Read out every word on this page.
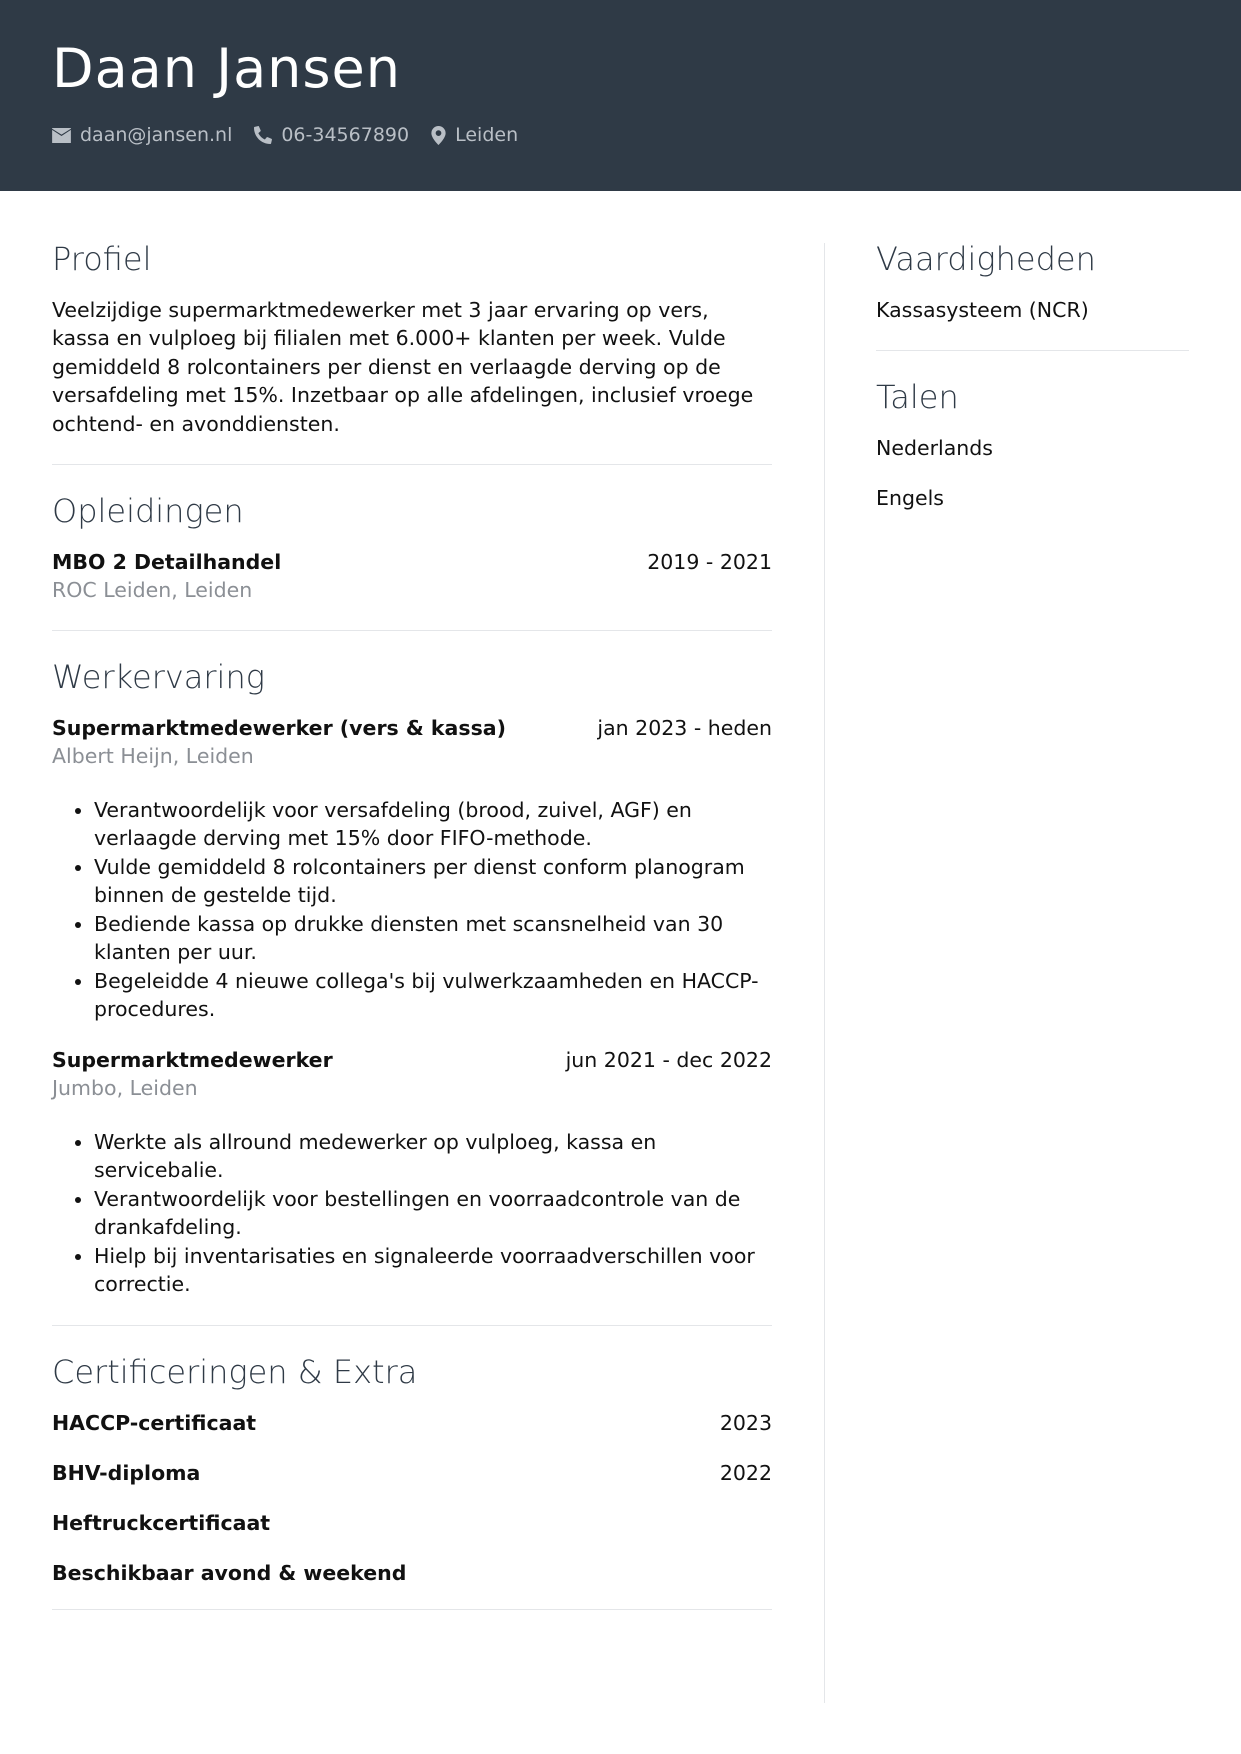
Daan Jansen
daan@jansen.nl	06-34567890 Leiden
Profiel

Veelzijdige supermarktmedewerker met 3 jaar ervaring op vers, kassa en vulploeg bij filialen met 6.000+ klanten per week. Vulde gemiddeld 8 rolcontainers per dienst en verlaagde derving op de versafdeling met 15%. Inzetbaar op alle afdelingen, inclusief vroege ochtend- en avonddiensten.

Opleidingen
MBO 2 Detailhandel	2019 - 2021
ROC Leiden, Leiden
Werkervaring
Supermarktmedewerker (vers & kassa)	jan 2023 - heden
Albert Heijn, Leiden
• Verantwoordelijk voor versafdeling (brood, zuivel, AGF) en verlaagde derving met 15% door FIFO-methode.
• Vulde gemiddeld 8 rolcontainers per dienst conform planogram binnen de gestelde tijd.
• Bediende kassa op drukke diensten met scansnelheid van 30 klanten per uur.
• Begeleidde 4 nieuwe collega's bij vulwerkzaamheden en HACCP-procedures.
Supermarktmedewerker	jun 2021 - dec 2022
Jumbo, Leiden
• Werkte als allround medewerker op vulploeg, kassa en servicebalie.
• Verantwoordelijk voor bestellingen en voorraadcontrole van de drankafdeling.
• Hielp bij inventarisaties en signaleerde voorraadverschillen voor correctie.
Certificeringen & Extra
HACCP-certificaat	2023
BHV-diploma	2022
Heftruckcertificaat
Beschikbaar avond & weekend
Vaardigheden
Kassasysteem (NCR)
Talen
Nederlands
Engels
